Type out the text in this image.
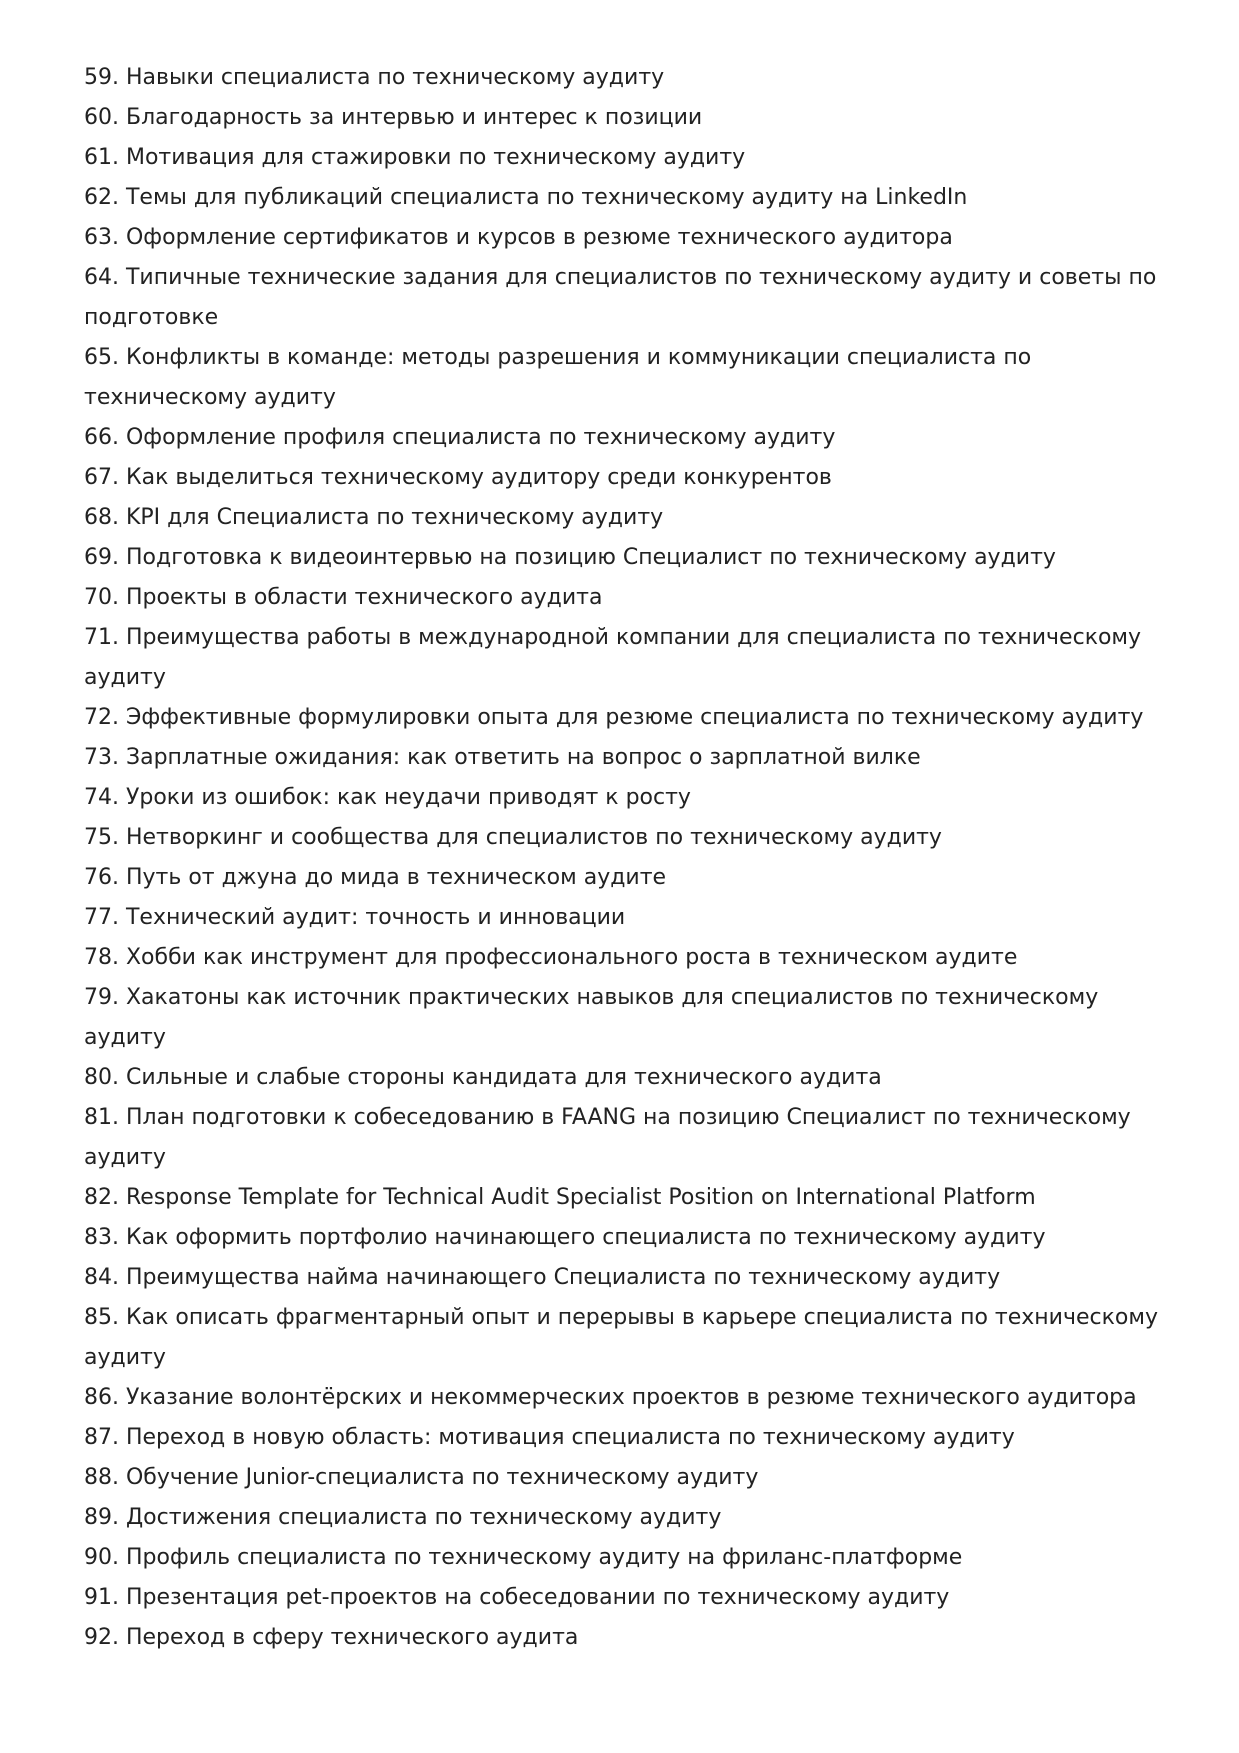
59. Навыки специалиста по техническому аудиту
60. Благодарность за интервью и интерес к позиции
61. Мотивация для стажировки по техническому аудиту
62. Темы для публикаций специалиста по техническому аудиту на LinkedIn
63. Оформление сертификатов и курсов в резюме технического аудитора
64. Типичные технические задания для специалистов по техническому аудиту и советы по подготовке
65. Конфликты в команде: методы разрешения и коммуникации специалиста по техническому аудиту
66. Оформление профиля специалиста по техническому аудиту
67. Как выделиться техническому аудитору среди конкурентов
68. KPI для Специалиста по техническому аудиту
69. Подготовка к видеоинтервью на позицию Специалист по техническому аудиту
70. Проекты в области технического аудита
71. Преимущества работы в международной компании для специалиста по техническому аудиту
72. Эффективные формулировки опыта для резюме специалиста по техническому аудиту
73. Зарплатные ожидания: как ответить на вопрос о зарплатной вилке
74. Уроки из ошибок: как неудачи приводят к росту
75. Нетворкинг и сообщества для специалистов по техническому аудиту
76. Путь от джуна до мида в техническом аудите
77. Технический аудит: точность и инновации
78. Хобби как инструмент для профессионального роста в техническом аудите
79. Хакатоны как источник практических навыков для специалистов по техническому аудиту
80. Сильные и слабые стороны кандидата для технического аудита
81. План подготовки к собеседованию в FAANG на позицию Специалист по техническому аудиту
82. Response Template for Technical Audit Specialist Position on International Platform
83. Как оформить портфолио начинающего специалиста по техническому аудиту
84. Преимущества найма начинающего Специалиста по техническому аудиту
85. Как описать фрагментарный опыт и перерывы в карьере специалиста по техническому аудиту
86. Указание волонтёрских и некоммерческих проектов в резюме технического аудитора
87. Переход в новую область: мотивация специалиста по техническому аудиту
88. Обучение Junior-специалиста по техническому аудиту
89. Достижения специалиста по техническому аудиту
90. Профиль специалиста по техническому аудиту на фриланс-платформе
91. Презентация pet-проектов на собеседовании по техническому аудиту
92. Переход в сферу технического аудита
